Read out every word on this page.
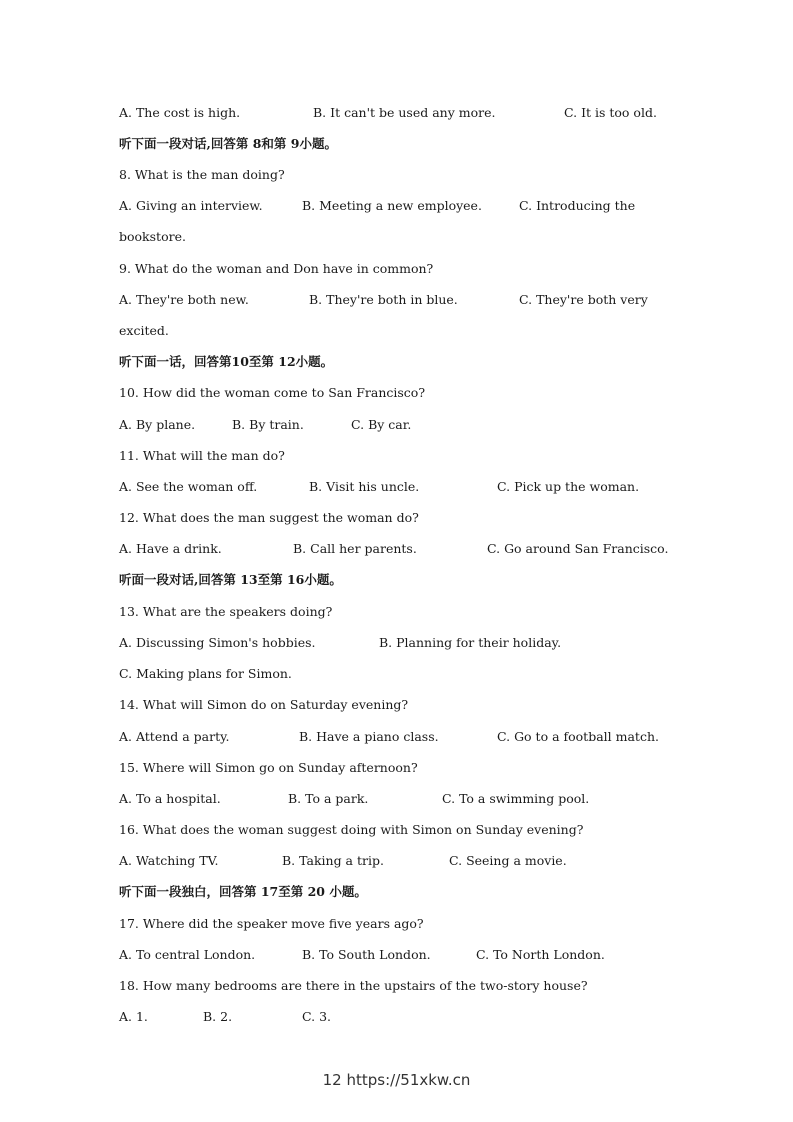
A. The cost is high.	B. It can't be used any more.	C. It is too old.
听下面一段对话,回答第 8和第 9小题。
8. What is the man doing?
A. Giving an interview.	B. Meeting a new employee.	C. Introducing the
bookstore.
9. What do the woman and Don have in common?
A. They're both new.	B. They're both in blue.	C. They're both very
excited.
听下面一话，回答第10至第 12小题。
10. How did the woman come to San Francisco?
A. By plane.	B. By train.	C. By car.
11. What will the man do?
A. See the woman off.	B. Visit his uncle.	C. Pick up the woman.
12. What does the man suggest the woman do?
A. Have a drink.	B. Call her parents.	C. Go around San Francisco.
听面一段对话,回答第 13至第 16小题。
13. What are the speakers doing?
A. Discussing Simon's hobbies.	B. Planning for their holiday.
C. Making plans for Simon.
14. What will Simon do on Saturday evening?
A. Attend a party.	B. Have a piano class.	C. Go to a football match.
15. Where will Simon go on Sunday afternoon?
A. To a hospital.	B. To a park.	C. To a swimming pool.
16. What does the woman suggest doing with Simon on Sunday evening?
A. Watching TV.	B. Taking a trip.	C. Seeing a movie.
听下面一段独白，回答第 17至第 20 小题。
17. Where did the speaker move five years ago?
A. To central London.	B. To South London.	C. To North London.
18. How many bedrooms are there in the upstairs of the two-story house?
A. 1.	B. 2.	C. 3.
12 https://51xkw.cn
